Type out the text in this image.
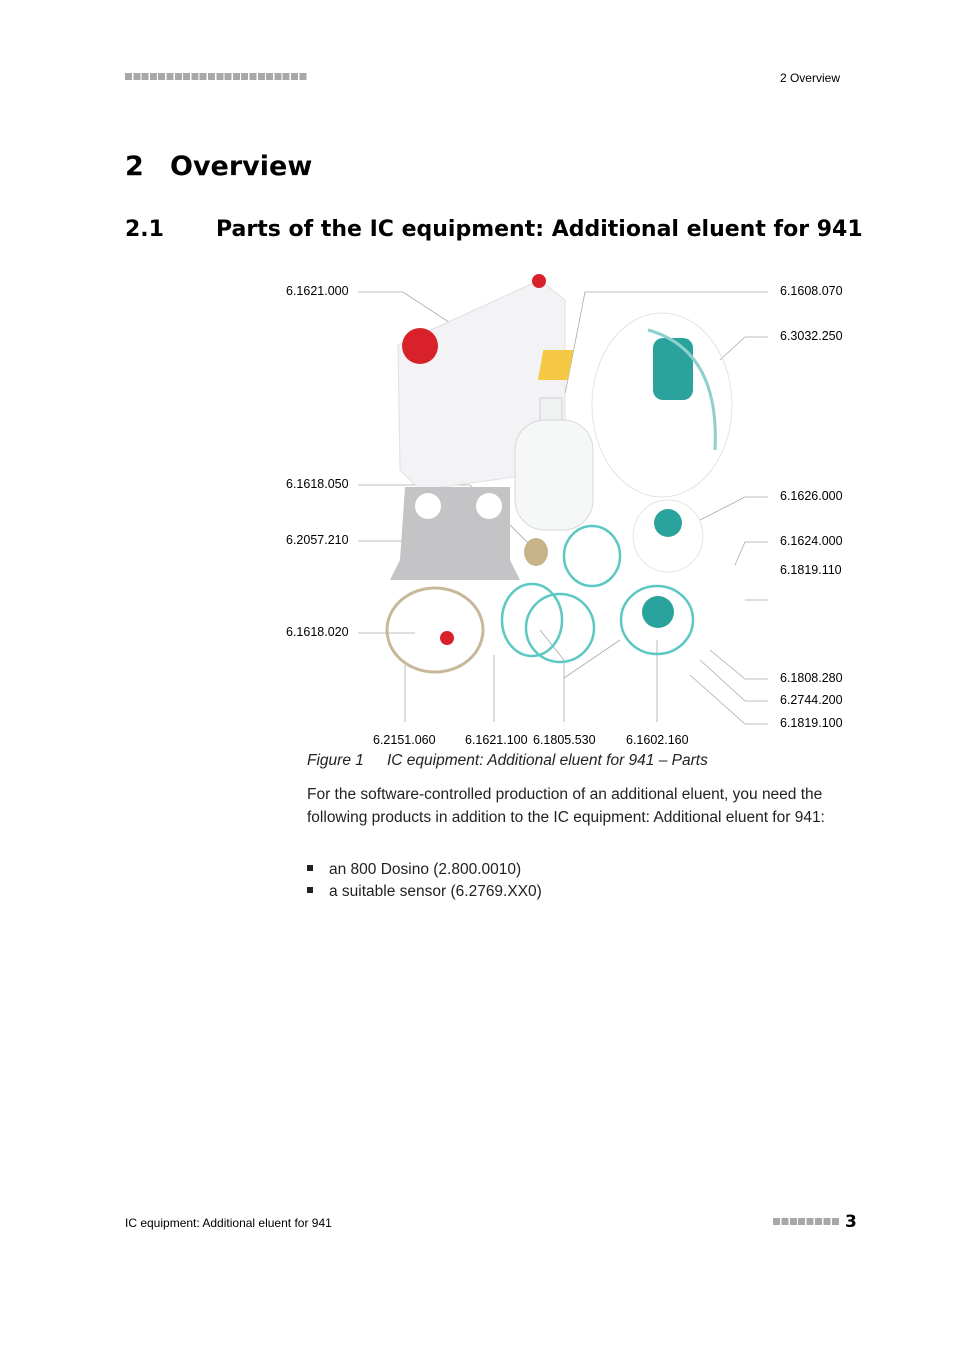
2 Overview
2 Overview
2.1 Parts of the IC equipment: Additional eluent for 941
6.1621.000
6.1618.050
6.2057.210
6.1618.020
6.1608.070
6.3032.250
6.1626.000
6.1624.000
6.1819.110
6.1808.280
6.2744.200
6.1819.100
6.2151.060 6.1621.100 6.1805.530 6.1602.160
Figure 1 IC equipment: Additional eluent for 941 – Parts
For the software-controlled production of an additional eluent, you need the following products in addition to the IC equipment: Additional eluent for 941:
an 800 Dosino (2.800.0010)
a suitable sensor (6.2769.XX0)
IC equipment: Additional eluent for 941	3
